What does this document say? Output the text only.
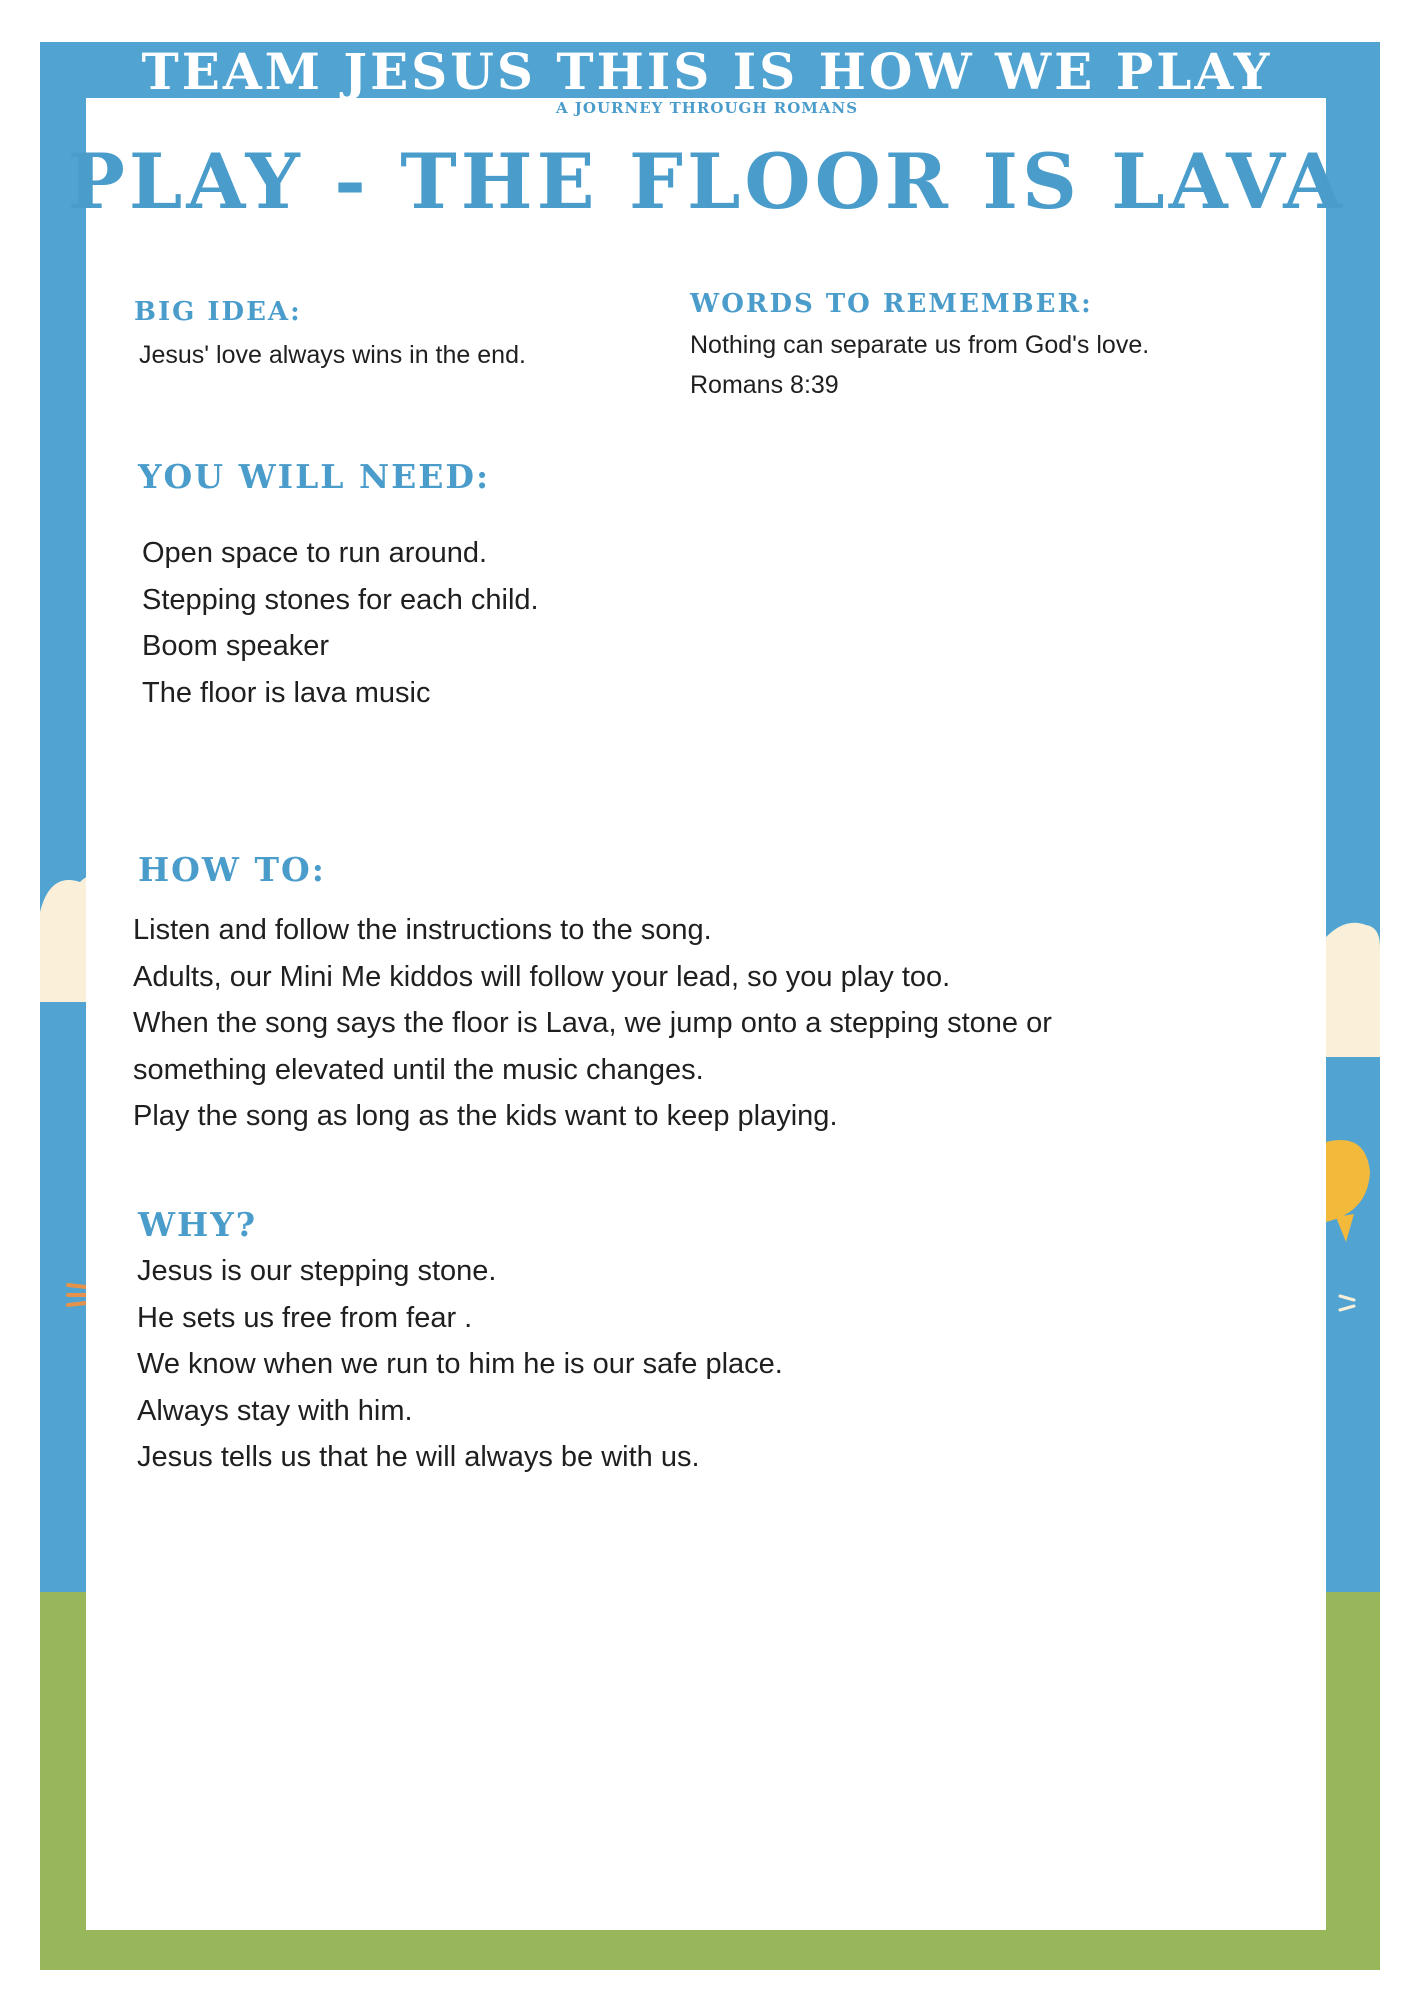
TEAM JESUS THIS IS HOW WE PLAY
A JOURNEY THROUGH ROMANS
PLAY - THE FLOOR IS LAVA
BIG IDEA:
Jesus' love always wins in the end.
WORDS TO REMEMBER:
Nothing can separate us from God's love.
Romans 8:39
YOU WILL NEED:
Open space to run around.
Stepping stones for each child.
Boom speaker
The floor is lava music
HOW TO:
Listen and follow the instructions to the song.
Adults, our Mini Me kiddos will follow your lead, so you play too.
When the song says the floor is Lava, we jump onto a stepping stone or
something elevated until the music changes.
Play the song as long as the kids want to keep playing.
WHY?
Jesus is our stepping stone.
He sets us free from fear .
We know when we run to him he is our safe place.
Always stay with him.
Jesus tells us that he will always be with us.
